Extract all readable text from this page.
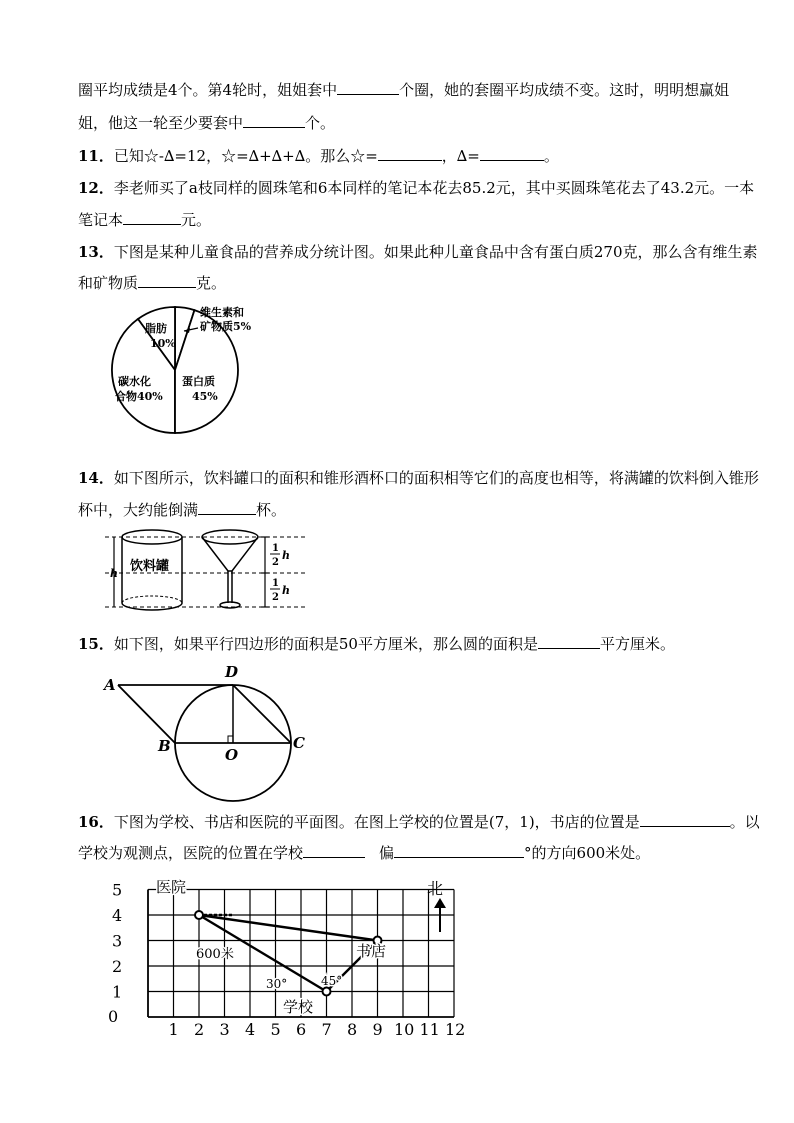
圈平均成绩是4个。第4轮时，姐姐套中	个圈，她的套圈平均成绩不变。这时，明明想赢姐
姐，他这一轮至少要套中	个。
11．已知☆-∆=12，☆=∆+∆+∆。那么☆=	，∆=	。
12．李老师买了a枝同样的圆珠笔和6本同样的笔记本花去85.2元，其中买圆珠笔花去了43.2元。一本
笔记本	元。
13．下图是某种儿童食品的营养成分统计图。如果此种儿童食品中含有蛋白质270克，那么含有维生素
和矿物质	克。
维生素和
矿物质5%
脂肪
10%
碳水化
合物40%
蛋白质
45%
14．如下图所示，饮料罐口的面积和锥形酒杯口的面积相等它们的高度也相等，将满罐的饮料倒入锥形
杯中，大约能倒满	杯。
h 饮料罐
1
2
h
1
2
h
15．如下图，如果平行四边形的面积是50平方厘米，那么圆的面积是	平方厘米。
A
B	C
D
O
16．下图为学校、书店和医院的平面图。在图上学校的位置是(7，1)，书店的位置是	。以
学校为观测点，医院的位置在学校	偏	°的方向600米处。
0
1 2 3 4 5 6 7 8 9 10 11 12
1
2
3
4
5	北
医院
书店
学校
600米
30°	45°
